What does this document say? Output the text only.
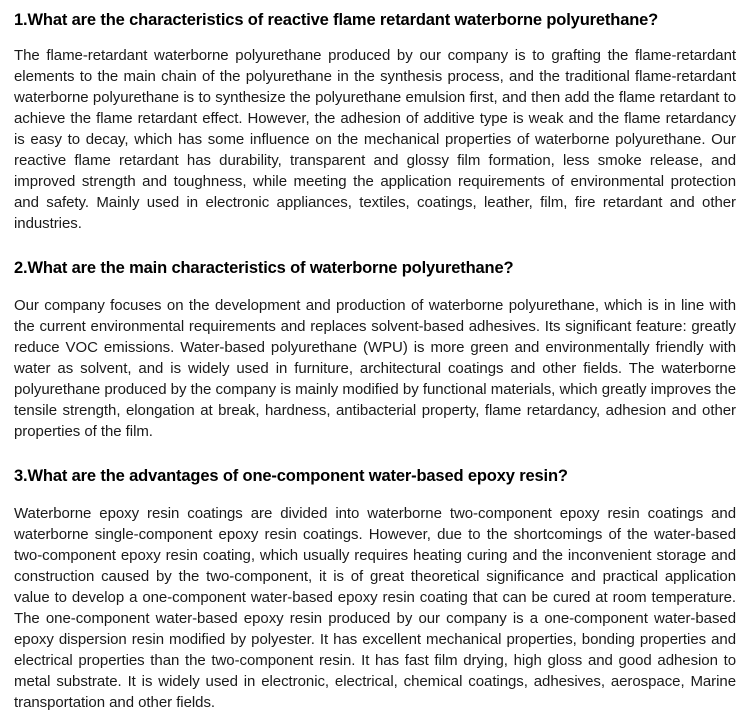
1.What are the characteristics of reactive flame retardant waterborne polyurethane?

The flame-retardant waterborne polyurethane produced by our company is to grafting the flame-retardant elements to the main chain of the polyurethane in the synthesis process, and the traditional flame-retardant waterborne polyurethane is to synthesize the polyurethane emulsion first, and then add the flame retardant to achieve the flame retardant effect. However, the adhesion of additive type is weak and the flame retardancy is easy to decay, which has some influence on the mechanical properties of waterborne polyurethane. Our reactive flame retardant has durability, transparent and glossy film formation, less smoke release, and improved strength and toughness, while meeting the application requirements of environmental protection and safety. Mainly used in electronic appliances, textiles, coatings, leather, film, fire retardant and other industries.

2.What are the main characteristics of waterborne polyurethane?

Our company focuses on the development and production of waterborne polyurethane, which is in line with the current environmental requirements and replaces solvent-based adhesives. Its significant feature: greatly reduce VOC emissions. Water-based polyurethane (WPU) is more green and environmentally friendly with water as solvent, and is widely used in furniture, architectural coatings and other fields. The waterborne polyurethane produced by the company is mainly modified by functional materials, which greatly improves the tensile strength, elongation at break, hardness, antibacterial property, flame retardancy, adhesion and other properties of the film.

3.What are the advantages of one-component water-based epoxy resin?

Waterborne epoxy resin coatings are divided into waterborne two-component epoxy resin coatings and waterborne single-component epoxy resin coatings. However, due to the shortcomings of the water-based two-component epoxy resin coating, which usually requires heating curing and the inconvenient storage and construction caused by the two-component, it is of great theoretical significance and practical application value to develop a one-component water-based epoxy resin coating that can be cured at room temperature. The one-component water-based epoxy resin produced by our company is a one-component water-based epoxy dispersion resin modified by polyester. It has excellent mechanical properties, bonding properties and electrical properties than the two-component resin. It has fast film drying, high gloss and good adhesion to metal substrate. It is widely used in electronic, electrical, chemical coatings, adhesives, aerospace, Marine transportation and other fields.
